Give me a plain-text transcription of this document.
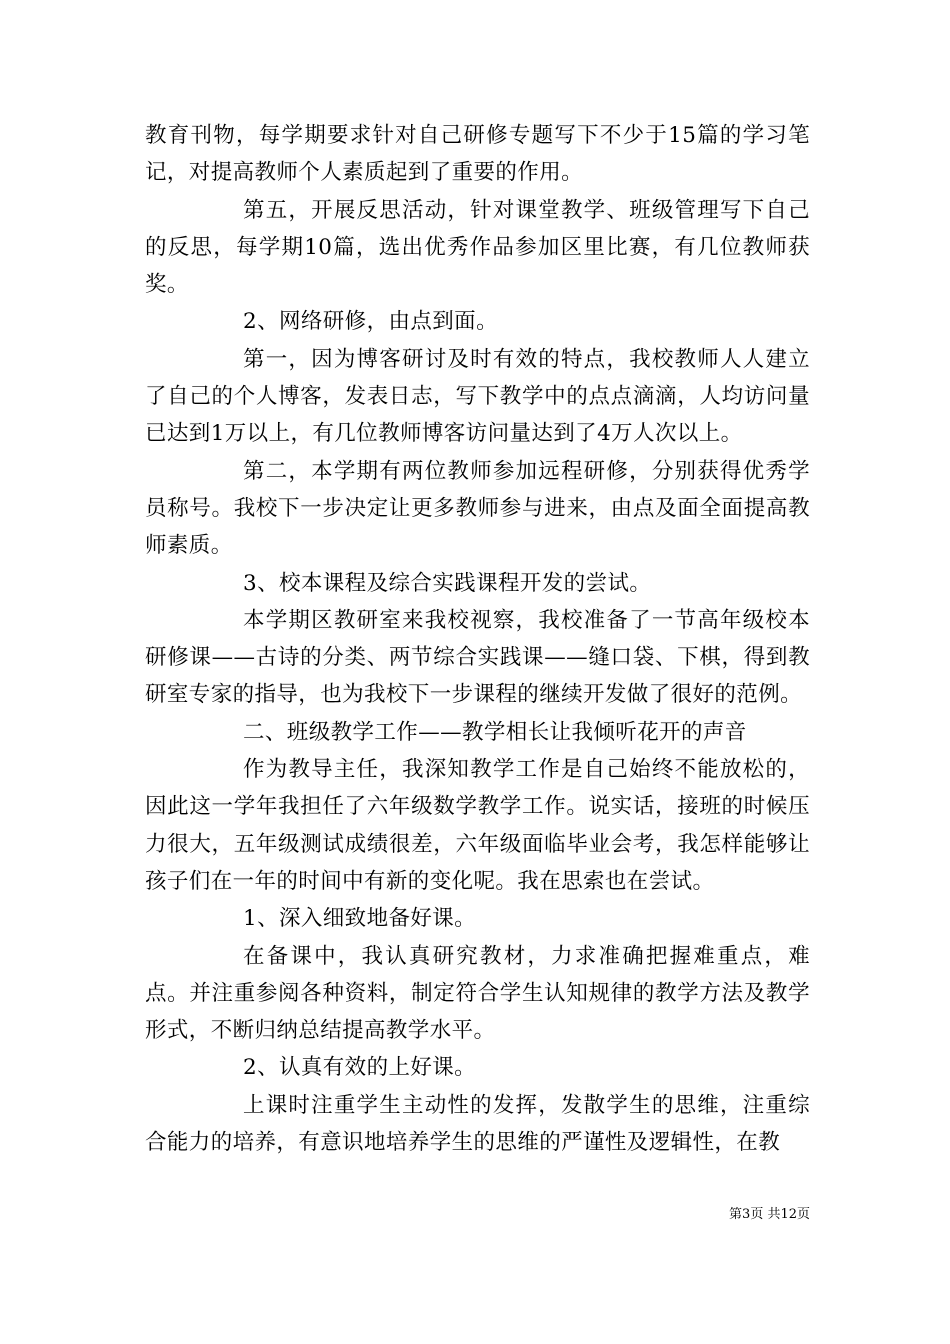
教育刊物，每学期要求针对自己研修专题写下不少于15篇的学习笔记，对提高教师个人素质起到了重要的作用。

第五，开展反思活动，针对课堂教学、班级管理写下自己的反思，每学期10篇，选出优秀作品参加区里比赛，有几位教师获奖。

2、网络研修，由点到面。

第一，因为博客研讨及时有效的特点，我校教师人人建立了自己的个人博客，发表日志，写下教学中的点点滴滴，人均访问量已达到1万以上，有几位教师博客访问量达到了4万人次以上。

第二，本学期有两位教师参加远程研修，分别获得优秀学员称号。我校下一步决定让更多教师参与进来，由点及面全面提高教师素质。

3、校本课程及综合实践课程开发的尝试。

本学期区教研室来我校视察，我校准备了一节高年级校本研修课——古诗的分类、两节综合实践课——缝口袋、下棋，得到教研室专家的指导，也为我校下一步课程的继续开发做了很好的范例。

二、班级教学工作——教学相长让我倾听花开的声音

作为教导主任，我深知教学工作是自己始终不能放松的，因此这一学年我担任了六年级数学教学工作。说实话，接班的时候压力很大，五年级测试成绩很差，六年级面临毕业会考，我怎样能够让孩子们在一年的时间中有新的变化呢。我在思索也在尝试。

1、深入细致地备好课。

在备课中，我认真研究教材，力求准确把握难重点，难点。并注重参阅各种资料，制定符合学生认知规律的教学方法及教学形式，不断归纳总结提高教学水平。

2、认真有效的上好课。

上课时注重学生主动性的发挥，发散学生的思维，注重综合能力的培养，有意识地培养学生的思维的严谨性及逻辑性，在教

第3页 共12页
